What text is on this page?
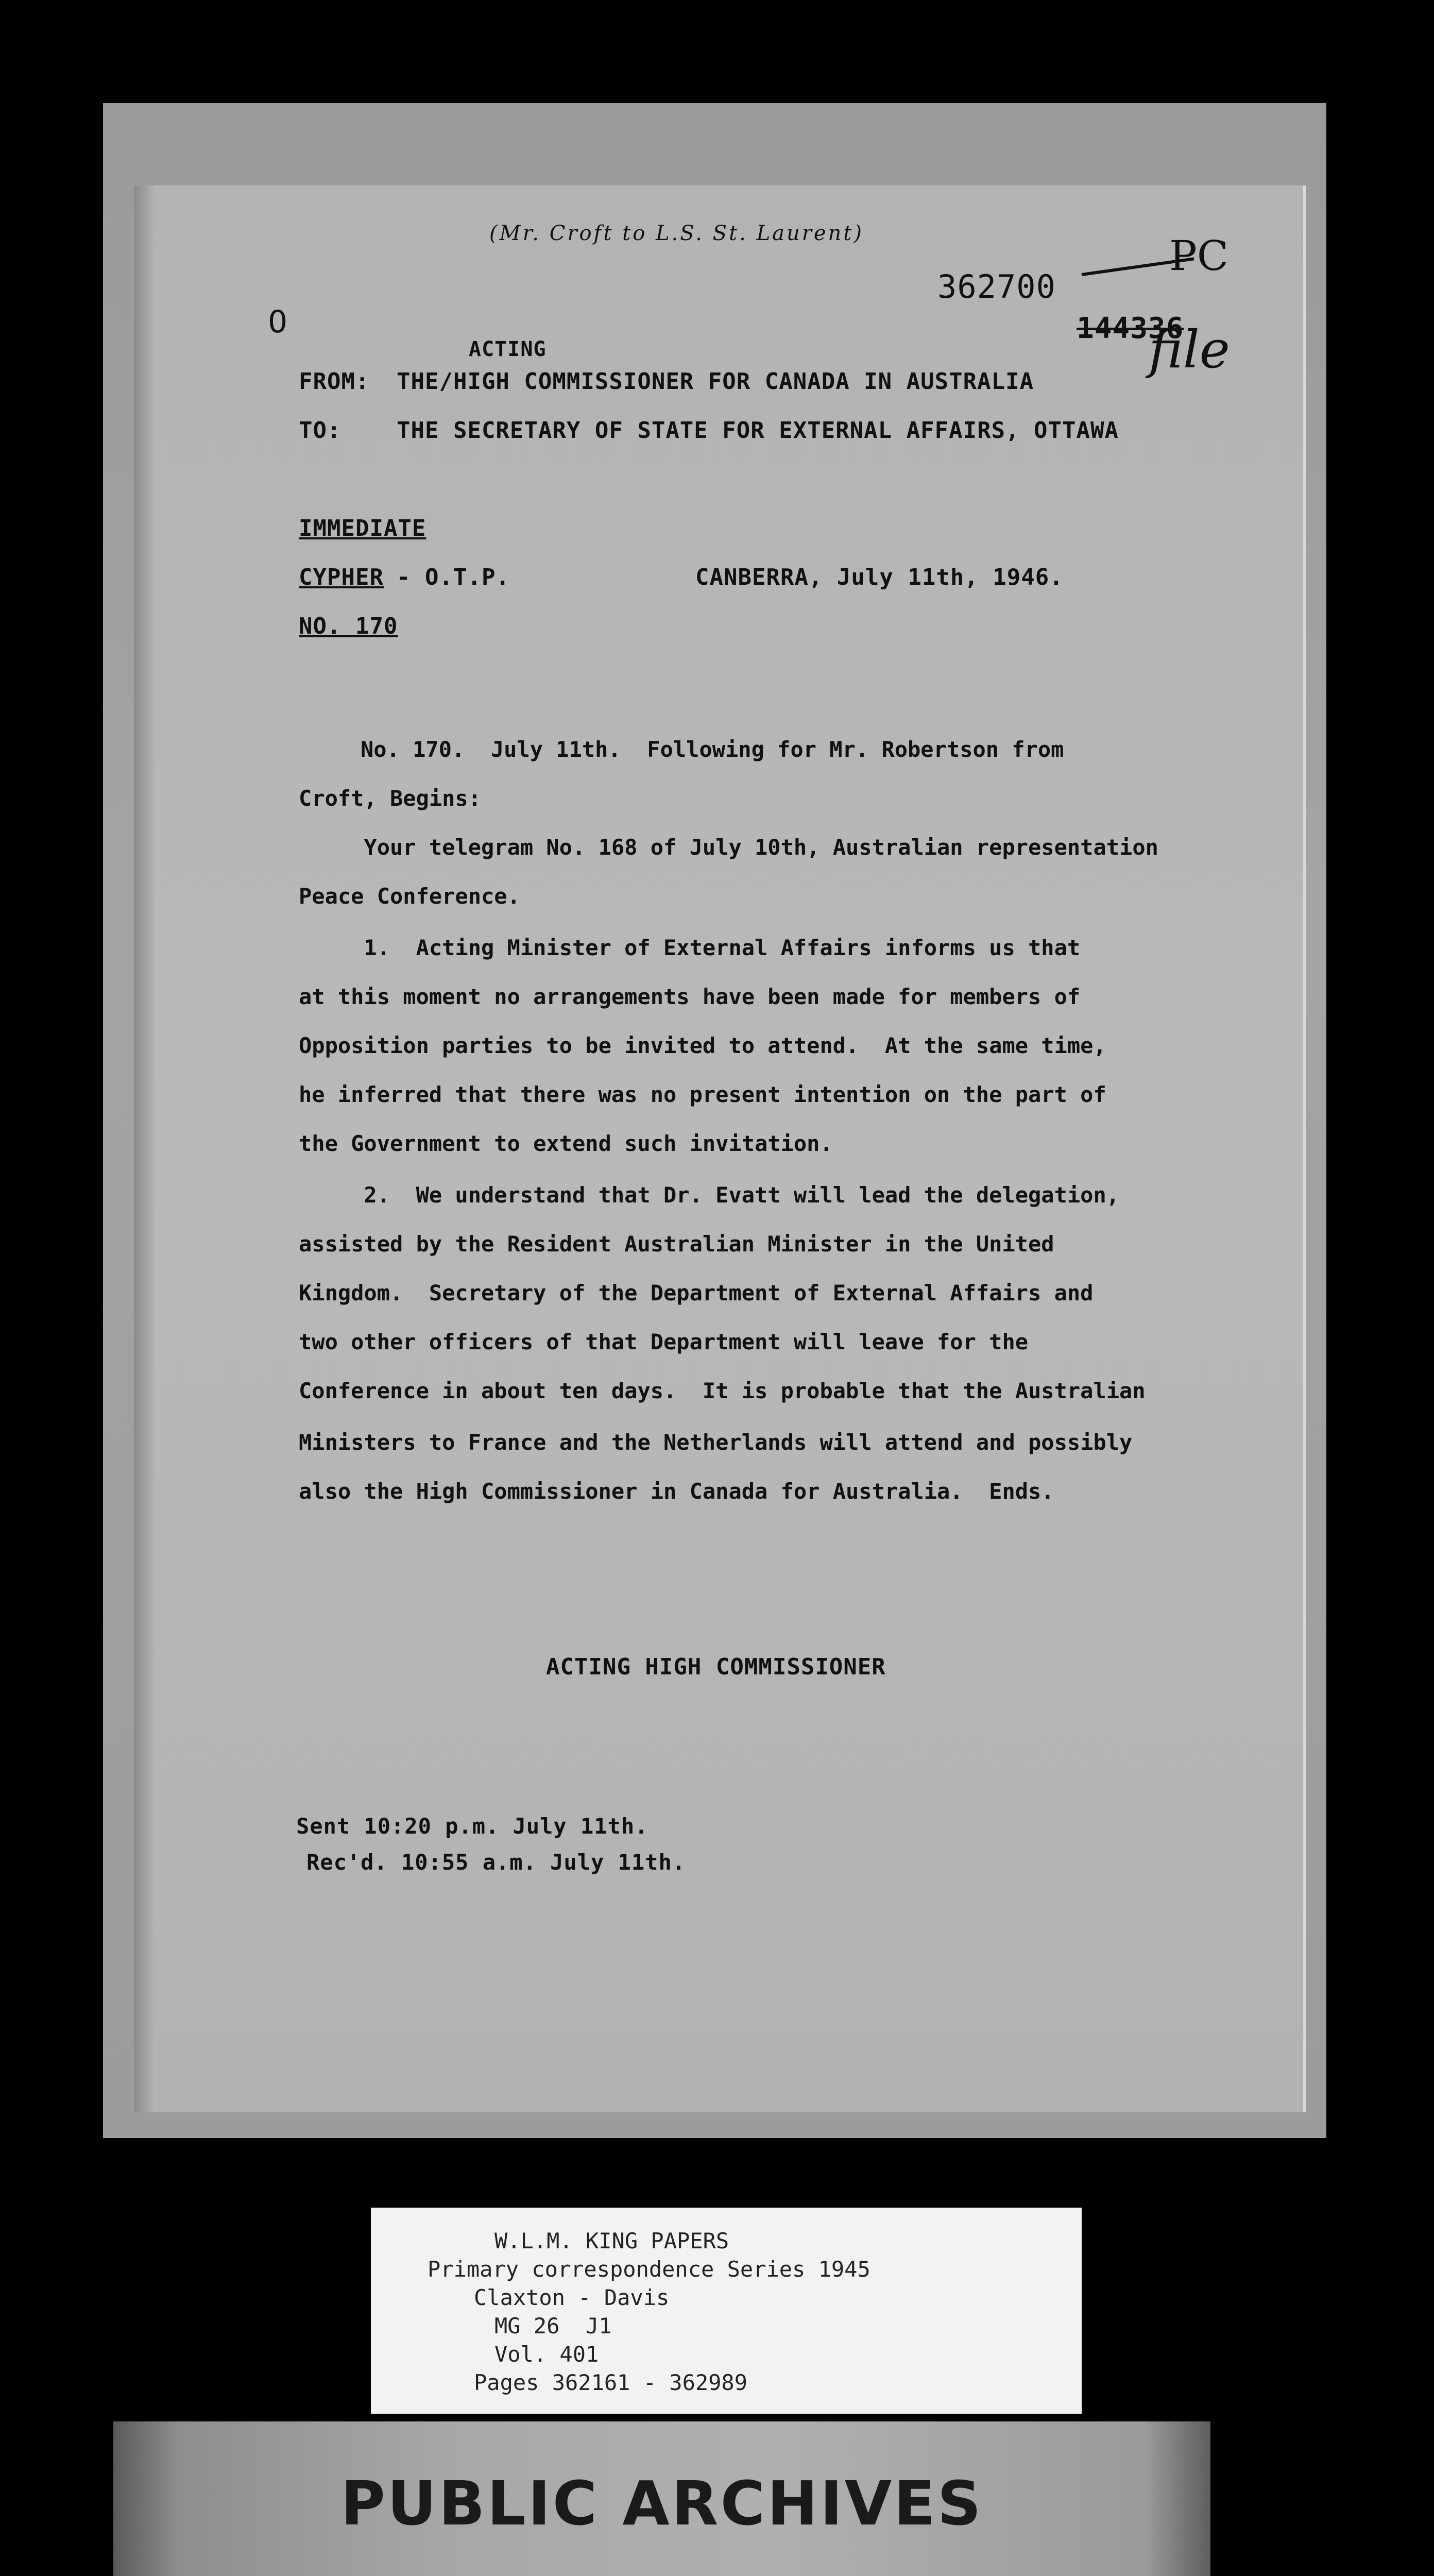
(Mr. Croft to L.S. St. Laurent)
362700
144336
PC
file
0
ACTING
FROM: THE/HIGH COMMISSIONER FOR CANADA IN AUSTRALIA
TO: THE SECRETARY OF STATE FOR EXTERNAL AFFAIRS, OTTAWA
IMMEDIATE
CYPHER - O.T.P.	CANBERRA, July 11th, 1946.
NO. 170
No. 170.  July 11th.  Following for Mr. Robertson from
Croft, Begins:
Your telegram No. 168 of July 10th, Australian representation
Peace Conference.
1.  Acting Minister of External Affairs informs us that
at this moment no arrangements have been made for members of
Opposition parties to be invited to attend.  At the same time,
he inferred that there was no present intention on the part of
the Government to extend such invitation.
2.  We understand that Dr. Evatt will lead the delegation,
assisted by the Resident Australian Minister in the United
Kingdom.  Secretary of the Department of External Affairs and
two other officers of that Department will leave for the
Conference in about ten days.  It is probable that the Australian
Ministers to France and the Netherlands will attend and possibly
also the High Commissioner in Canada for Australia.  Ends.
ACTING HIGH COMMISSIONER
Sent 10:20 p.m. July 11th.
Rec'd. 10:55 a.m. July 11th.
W.L.M. KING PAPERS
Primary correspondence Series 1945
Claxton - Davis
MG 26  J1
Vol. 401
Pages 362161 - 362989
PUBLIC ARCHIVES
